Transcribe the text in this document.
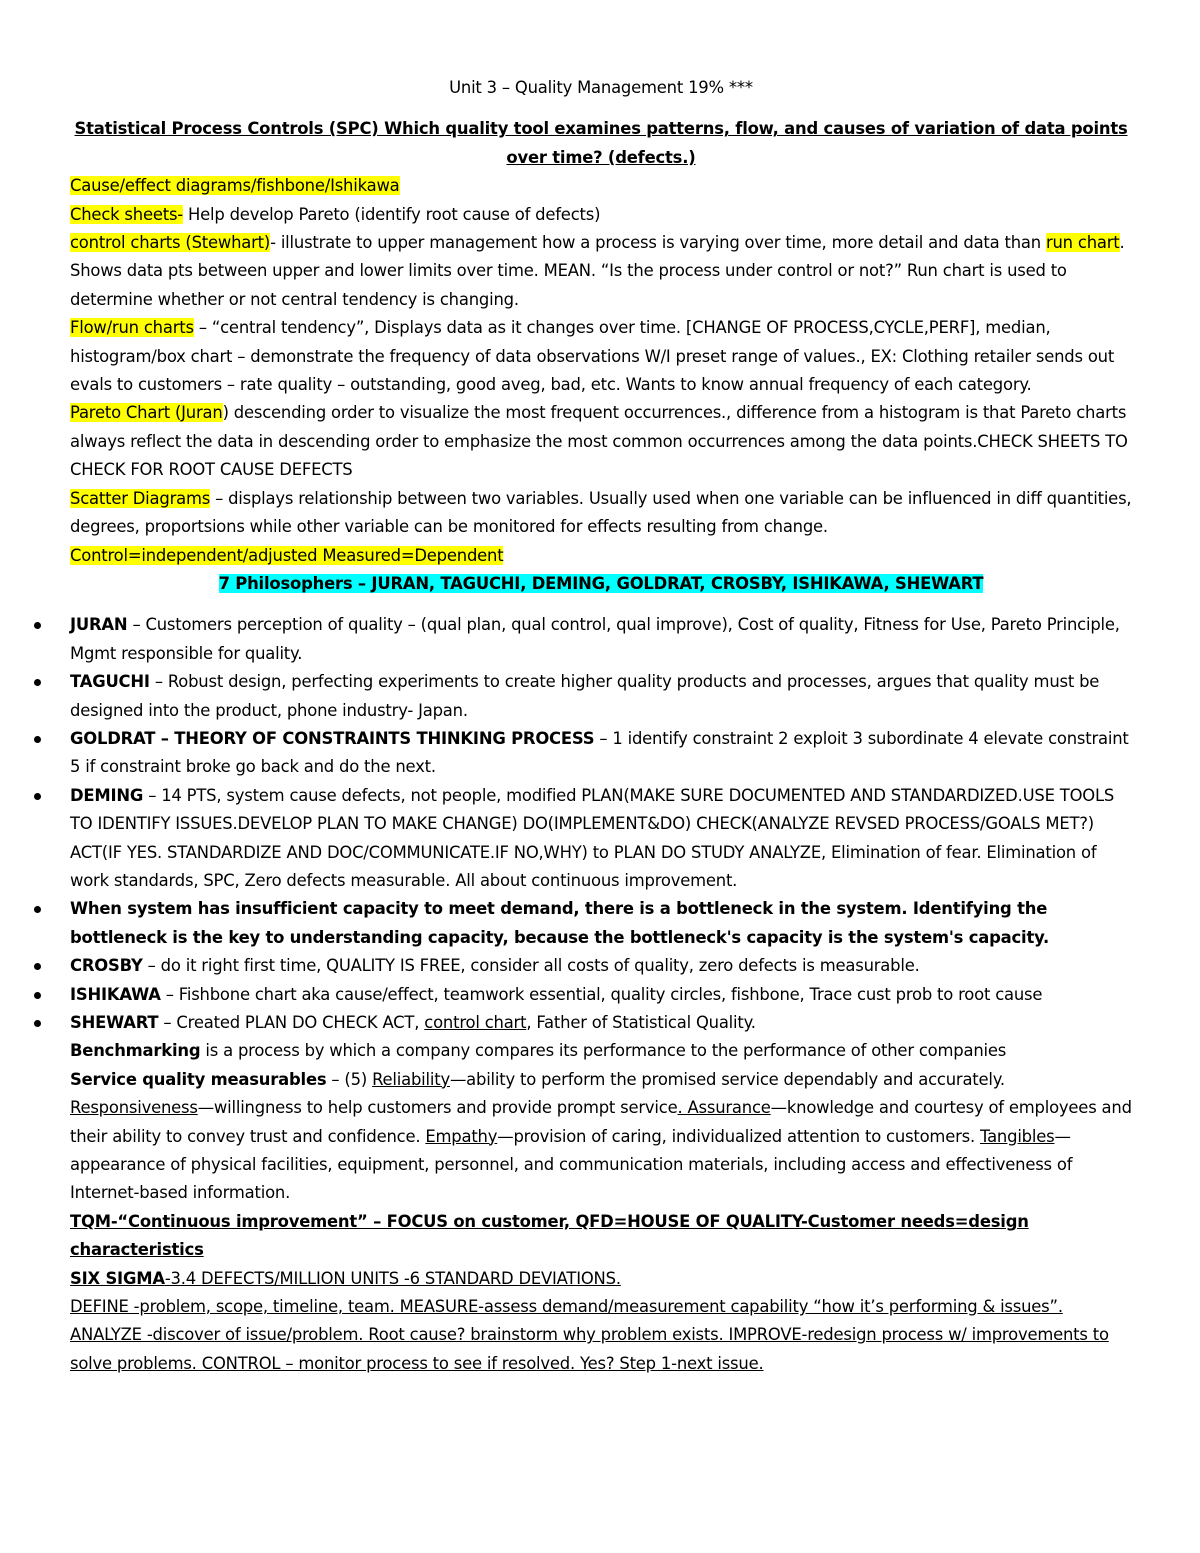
Unit 3 – Quality Management 19% ***

Statistical Process Controls (SPC) Which quality tool examines patterns, flow, and causes of variation of data points over time? (defects.)

Cause/effect diagrams/fishbone/Ishikawa

Check sheets- Help develop Pareto (identify root cause of defects)

control charts (Stewhart)- illustrate to upper management how a process is varying over time, more detail and data than run chart. Shows data pts between upper and lower limits over time. MEAN. “Is the process under control or not?” Run chart is used to determine whether or not central tendency is changing.

Flow/run charts – “central tendency”, Displays data as it changes over time. [CHANGE OF PROCESS,CYCLE,PERF], median, histogram/box chart – demonstrate the frequency of data observations W/I preset range of values., EX: Clothing retailer sends out evals to customers – rate quality – outstanding, good aveg, bad, etc. Wants to know annual frequency of each category.

Pareto Chart (Juran) descending order to visualize the most frequent occurrences., difference from a histogram is that Pareto charts always reflect the data in descending order to emphasize the most common occurrences among the data points.CHECK SHEETS TO CHECK FOR ROOT CAUSE DEFECTS

Scatter Diagrams – displays relationship between two variables. Usually used when one variable can be influenced in diff quantities, degrees, proportsions while other variable can be monitored for effects resulting from change.

Control=independent/adjusted Measured=Dependent

7 Philosophers – JURAN, TAGUCHI, DEMING, GOLDRAT, CROSBY, ISHIKAWA, SHEWART

JURAN – Customers perception of quality – (qual plan, qual control, qual improve), Cost of quality, Fitness for Use, Pareto Principle, Mgmt responsible for quality.
TAGUCHI – Robust design, perfecting experiments to create higher quality products and processes, argues that quality must be designed into the product, phone industry- Japan.
GOLDRAT – THEORY OF CONSTRAINTS THINKING PROCESS – 1 identify constraint 2 exploit 3 subordinate 4 elevate constraint 5 if constraint broke go back and do the next.
DEMING – 14 PTS, system cause defects, not people, modified PLAN(MAKE SURE DOCUMENTED AND STANDARDIZED.USE TOOLS TO IDENTIFY ISSUES.DEVELOP PLAN TO MAKE CHANGE) DO(IMPLEMENT&DO) CHECK(ANALYZE REVSED PROCESS/GOALS MET?) ACT(IF YES. STANDARDIZE AND DOC/COMMUNICATE.IF NO,WHY) to PLAN DO STUDY ANALYZE, Elimination of fear. Elimination of work standards, SPC, Zero defects measurable. All about continuous improvement.
When system has insufficient capacity to meet demand, there is a bottleneck in the system. Identifying the bottleneck is the key to understanding capacity, because the bottleneck's capacity is the system's capacity.
CROSBY – do it right first time, QUALITY IS FREE, consider all costs of quality, zero defects is measurable.
ISHIKAWA – Fishbone chart aka cause/effect, teamwork essential, quality circles, fishbone, Trace cust prob to root cause
SHEWART – Created PLAN DO CHECK ACT, control chart, Father of Statistical Quality.

Benchmarking is a process by which a company compares its performance to the performance of other companies

Service quality measurables – (5) Reliability—ability to perform the promised service dependably and accurately. Responsiveness—willingness to help customers and provide prompt service. Assurance—knowledge and courtesy of employees and their ability to convey trust and confidence. Empathy—provision of caring, individualized attention to customers. Tangibles—appearance of physical facilities, equipment, personnel, and communication materials, including access and effectiveness of Internet-based information.

TQM-“Continuous improvement” – FOCUS on customer, QFD=HOUSE OF QUALITY-Customer needs=design characteristics

SIX SIGMA-3.4 DEFECTS/MILLION UNITS -6 STANDARD DEVIATIONS.

DEFINE -problem, scope, timeline, team. MEASURE-assess demand/measurement capability “how it’s performing & issues”. ANALYZE -discover of issue/problem. Root cause? brainstorm why problem exists. IMPROVE-redesign process w/ improvements to solve problems. CONTROL – monitor process to see if resolved. Yes? Step 1-next issue.
